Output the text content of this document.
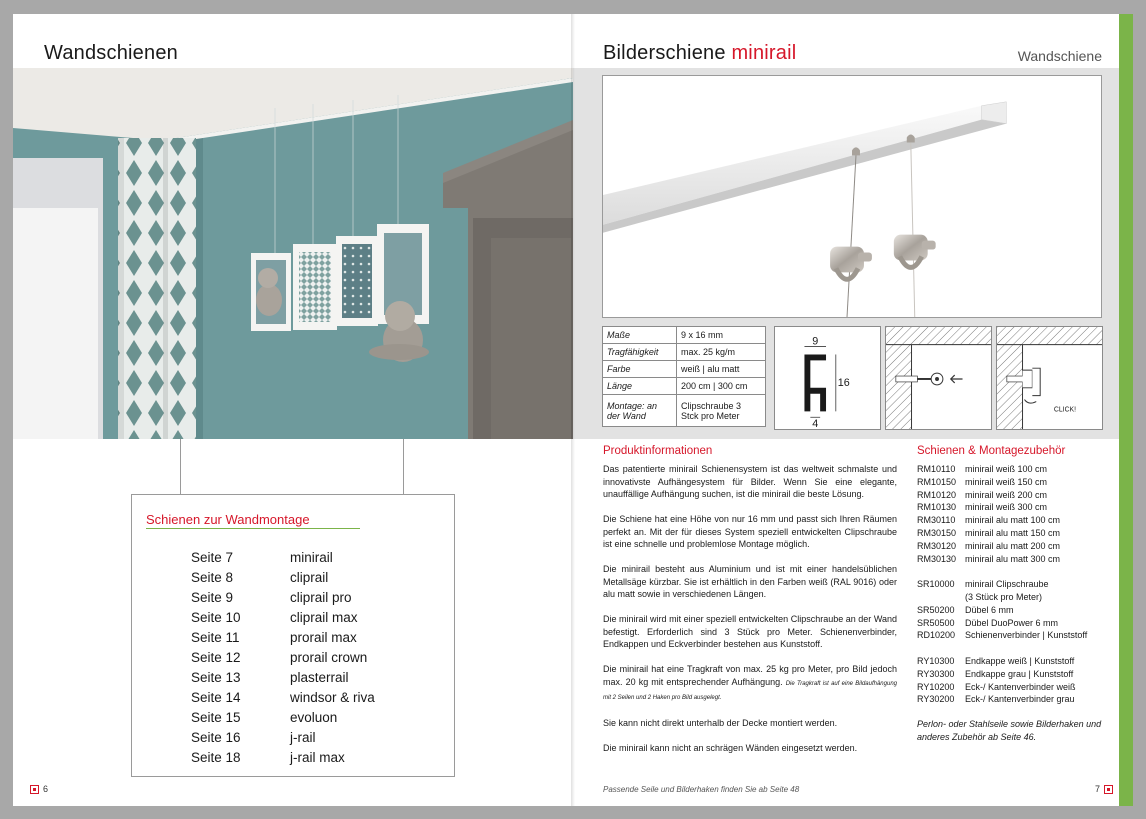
Wandschienen
Schienen zur Wandmontage
Seite 7	minirail
Seite 8	cliprail
Seite 9	cliprail pro
Seite 10	cliprail max
Seite 11	prorail max
Seite 12	prorail crown
Seite 13	plasterrail
Seite 14	windsor & riva
Seite 15	evoluon
Seite 16	j-rail
Seite 18	j-rail max
6
Bilderschiene minirail	Wandschiene
Maße	9 x 16 mm
Tragfähigkeit	max. 25 kg/m
Farbe	weiß | alu matt
Länge	200 cm | 300 cm
Montage: an der Wand	Clipschraube 3 Stck pro Meter
9
16
4
CLICK!
Produktinformationen

Das patentierte minirail Schienensystem ist das weltweit schmalste und innovativste Aufhängesystem für Bilder. Wenn Sie eine elegante, unauffällige Aufhängung suchen, ist die minirail die beste Lösung.

Die Schiene hat eine Höhe von nur 16 mm und passt sich Ihren Räumen perfekt an. Mit der für dieses System speziell entwickelten Clipschraube ist eine schnelle und problemlose Montage möglich.

Die minirail besteht aus Aluminium und ist mit einer handelsüblichen Metallsäge kürzbar. Sie ist erhältlich in den Farben weiß (RAL 9016) oder alu matt sowie in verschiedenen Längen.

Die minirail wird mit einer speziell entwickelten Clipschraube an der Wand befestigt. Erforderlich sind 3 Stück pro Meter. Schienenverbinder, Endkappen und Eckverbinder bestehen aus Kunststoff.

Die minirail hat eine Tragkraft von max. 25 kg pro Meter, pro Bild jedoch max. 20 kg mit entsprechender Aufhängung. Die Tragkraft ist auf eine Bildaufhängung mit 2 Seilen und 2 Haken pro Bild ausgelegt.

Sie kann nicht direkt unterhalb der Decke montiert werden.

Die minirail kann nicht an schrägen Wänden eingesetzt werden.

Schienen & Montagezubehör
RM10110	minirail weiß 100 cm
RM10150 minirail weiß 150 cm
RM10120 minirail weiß 200 cm
RM10130 minirail weiß 300 cm
RM30110	minirail alu matt 100 cm
RM30150 minirail alu matt 150 cm
RM30120 minirail alu matt 200 cm
RM30130 minirail alu matt 300 cm
SR10000	minirail Clipschraube
(3 Stück pro Meter)
SR50200	Dübel 6 mm
SR50500	Dübel DuoPower 6 mm
RD10200	Schienenverbinder | Kunststoff
RY10300	Endkappe weiß | Kunststoff
RY30300	Endkappe grau | Kunststoff
RY10200	Eck-/ Kantenverbinder weiß
RY30200	Eck-/ Kantenverbinder grau
Perlon- oder Stahlseile sowie Bilderhaken und anderes Zubehör ab Seite 46.
Passende Seile und Bilderhaken finden Sie ab Seite 48	7
